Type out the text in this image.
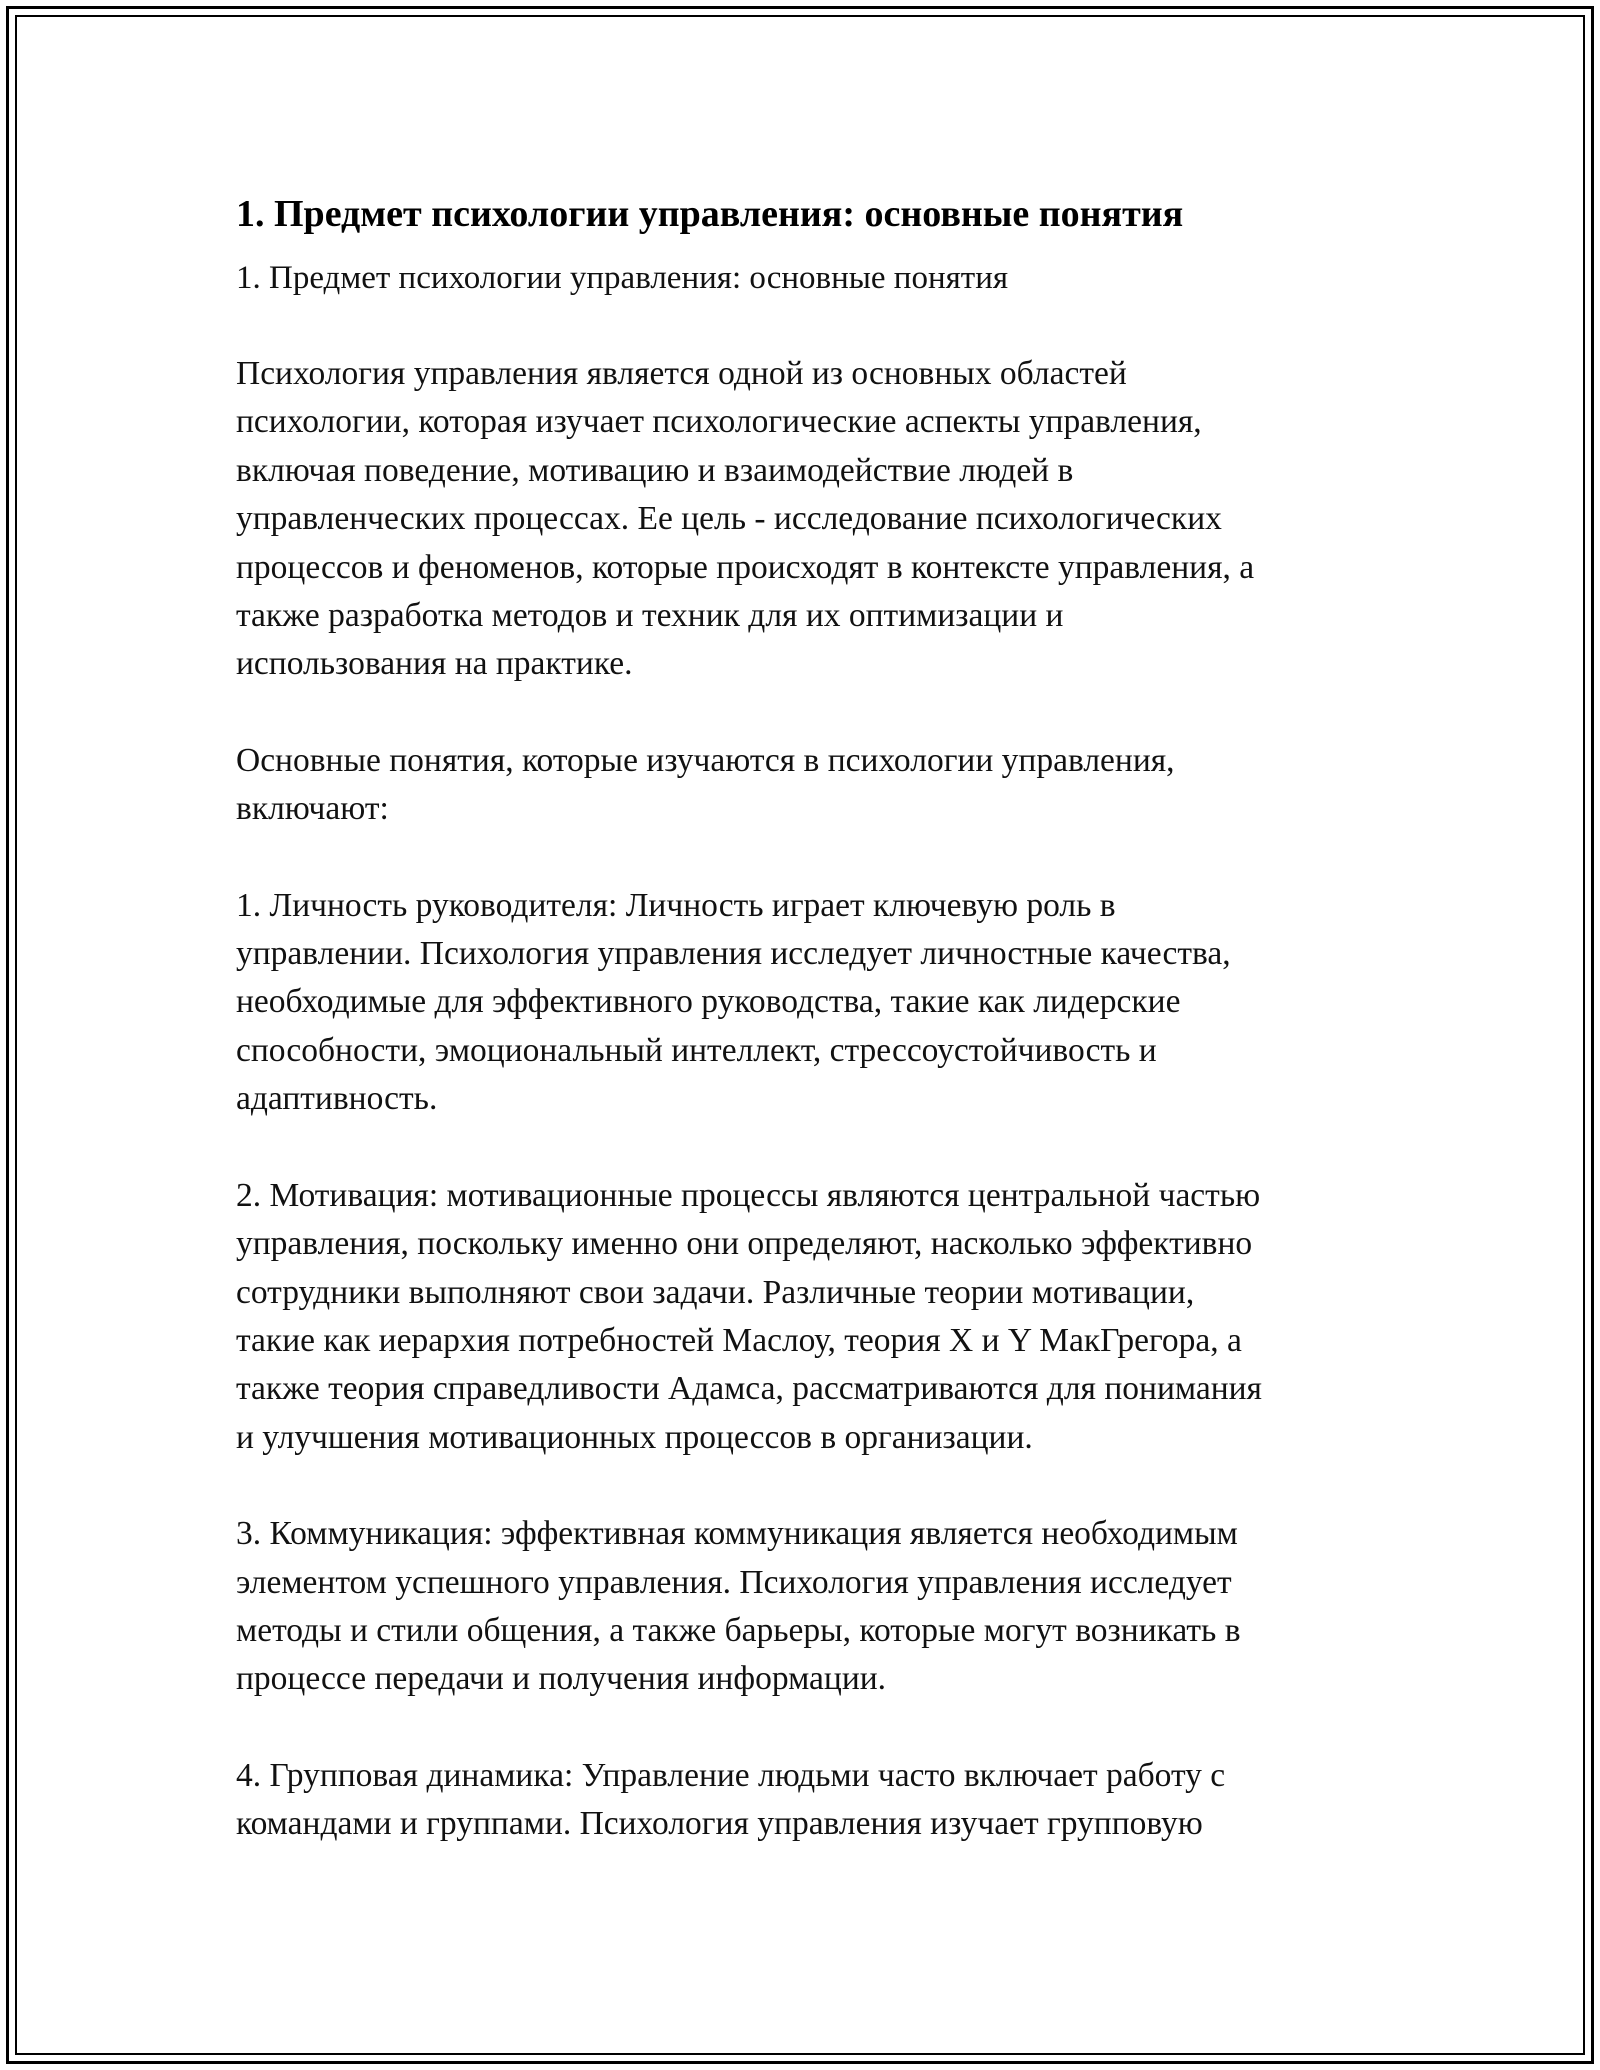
1. Предмет психологии управления: основные понятия
1. Предмет психологии управления: основные понятия
Психология управления является одной из основных областей
психологии, которая изучает психологические аспекты управления,
включая поведение, мотивацию и взаимодействие людей в
управленческих процессах. Ее цель - исследование психологических
процессов и феноменов, которые происходят в контексте управления, а
также разработка методов и техник для их оптимизации и
использования на практике.
Основные понятия, которые изучаются в психологии управления,
включают:
1. Личность руководителя: Личность играет ключевую роль в
управлении. Психология управления исследует личностные качества,
необходимые для эффективного руководства, такие как лидерские
способности, эмоциональный интеллект, стрессоустойчивость и
адаптивность.
2. Мотивация: мотивационные процессы являются центральной частью
управления, поскольку именно они определяют, насколько эффективно
сотрудники выполняют свои задачи. Различные теории мотивации,
такие как иерархия потребностей Маслоу, теория X и Y МакГрегора, а
также теория справедливости Адамса, рассматриваются для понимания
и улучшения мотивационных процессов в организации.
3. Коммуникация: эффективная коммуникация является необходимым
элементом успешного управления. Психология управления исследует
методы и стили общения, а также барьеры, которые могут возникать в
процессе передачи и получения информации.
4. Групповая динамика: Управление людьми часто включает работу с
командами и группами. Психология управления изучает групповую
